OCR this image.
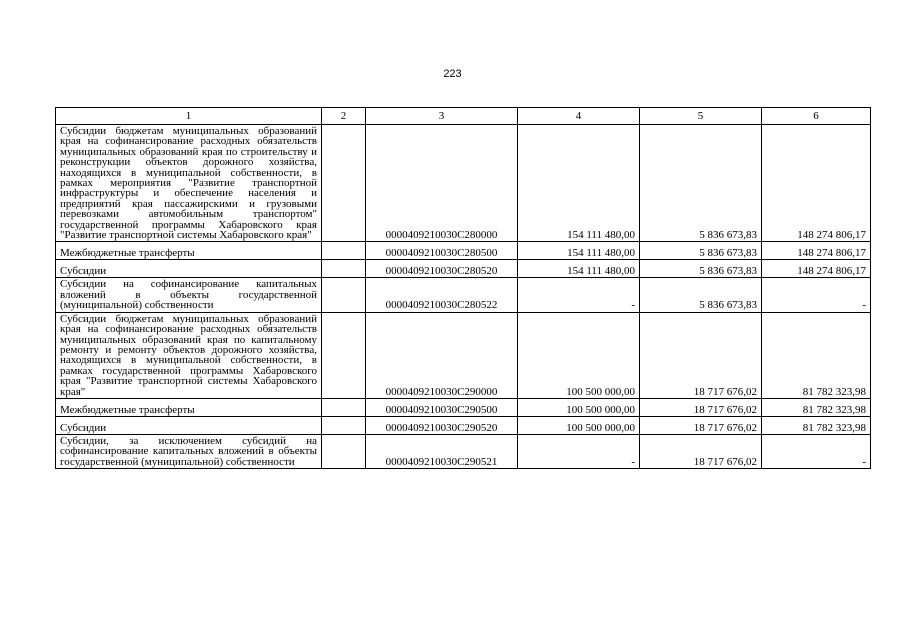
223
1	2	3	4	5	6
Субсидии бюджетам муниципальных образований края на софинансирование расходных обязательств муниципальных образований края по строительству и реконструкции объектов дорожного хозяйства, находящихся в муниципальной собственности, в рамках мероприятия "Развитие транспортной инфраструктуры и обеспечение населения и предприятий края пассажирскими и грузовыми перевозками автомобильным транспортом" государственной программы Хабаровского края "Развитие транспортной системы Хабаровского края"		0000409210030С280000	154 111 480,00	5 836 673,83	148 274 806,17
Межбюджетные трансферты		0000409210030С280500	154 111 480,00	5 836 673,83	148 274 806,17
Субсидии		0000409210030С280520	154 111 480,00	5 836 673,83	148 274 806,17
Субсидии на софинансирование капитальных вложений в объекты государственной (муниципальной) собственности		0000409210030С280522	-	5 836 673,83	-
Субсидии бюджетам муниципальных образований края на софинансирование расходных обязательств муниципальных образований края по капитальному ремонту и ремонту объектов дорожного хозяйства, находящихся в муниципальной собственности, в рамках государственной программы Хабаровского края "Развитие транспортной системы Хабаровского края"		0000409210030С290000	100 500 000,00	18 717 676,02	81 782 323,98
Межбюджетные трансферты		0000409210030С290500	100 500 000,00	18 717 676,02	81 782 323,98
Субсидии		0000409210030С290520	100 500 000,00	18 717 676,02	81 782 323,98
Субсидии, за исключением субсидий на софинансирование капитальных вложений в объекты государственной (муниципальной) собственности		0000409210030С290521	-	18 717 676,02	-
